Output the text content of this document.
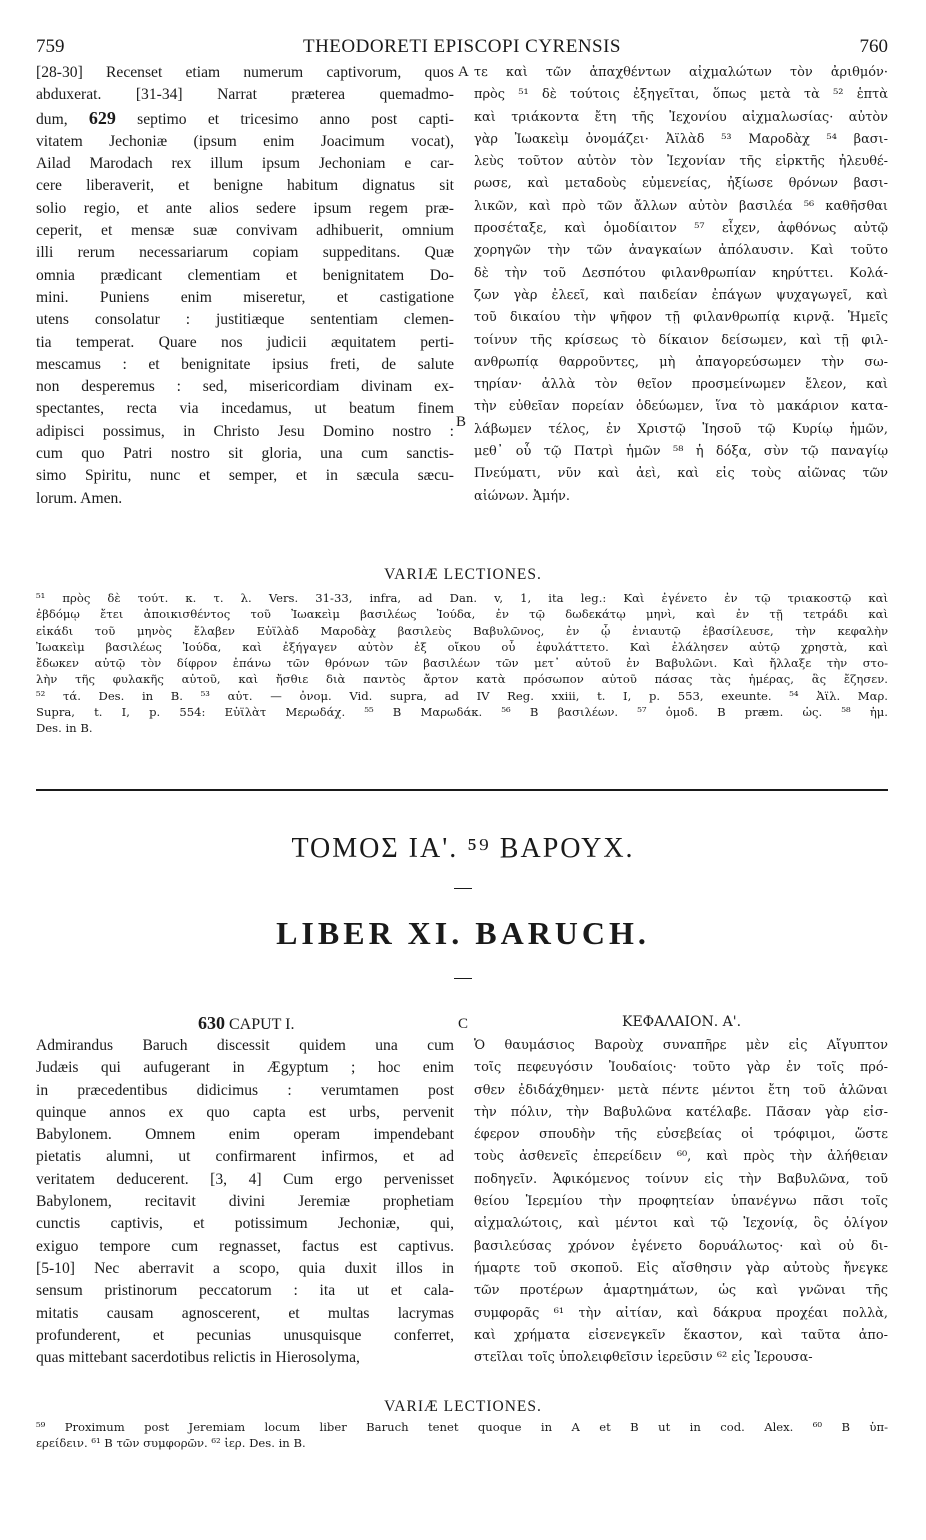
759	THEODORETI EPISCOPI CYRENSIS	760
[28-30] Recenset etiam numerum captivorum, quos
abduxerat. [31-34] Narrat præterea quemadmo-
dum, 629 septimo et tricesimo anno post capti-
vitatem Jechoniæ (ipsum enim Joacimum vocat),
Ailad Marodach rex illum ipsum Jechoniam e car-
cere liberaverit, et benigne habitum dignatus sit
solio regio, et ante alios sedere ipsum regem præ-
ceperit, et mensæ suæ convivam adhibuerit, omnium
illi rerum necessariarum copiam suppeditans. Quæ
omnia prædicant clementiam et benignitatem Do-
mini. Puniens enim miseretur, et castigatione
utens consolatur : justitiæque sententiam clemen-
tia temperat. Quare nos judicii æquitatem perti-
mescamus : et benignitate ipsius freti, de salute
non desperemus : sed, misericordiam divinam ex-
spectantes, recta via incedamus, ut beatum finem
adipisci possimus, in Christo Jesu Domino nostro :
cum quo Patri nostro sit gloria, una cum sanctis-
simo Spiritu, nunc et semper, et in sæcula sæcu-
lorum. Amen.
A
B
τε καὶ τῶν ἀπαχθέντων αἰχμαλώτων τὸν ἀριθμόν·
πρὸς ⁵¹ δὲ τούτοις ἐξηγεῖται, ὅπως μετὰ τὰ ⁵² ἑπτὰ
καὶ τριάκοντα ἔτη τῆς Ἰεχονίου αἰχμαλωσίας· αὐτὸν
γὰρ Ἰωακεὶμ ὀνομάζει· Ἀϊλὰδ ⁵³ Μαροδὰχ ⁵⁴ βασι-
λεὺς τοῦτον αὐτὸν τὸν Ἰεχονίαν τῆς εἱρκτῆς ἠλευθέ-
ρωσε, καὶ μεταδοὺς εὐμενείας, ἠξίωσε θρόνων βασι-
λικῶν, καὶ πρὸ τῶν ἄλλων αὐτὸν βασιλέα ⁵⁶ καθῆσθαι
προσέταξε, καὶ ὁμοδίαιτον ⁵⁷ εἶχεν, ἀφθόνως αὐτῷ
χορηγῶν τὴν τῶν ἀναγκαίων ἀπόλαυσιν. Καὶ τοῦτο
δὲ τὴν τοῦ Δεσπότου φιλανθρωπίαν κηρύττει. Κολά-
ζων γὰρ ἐλεεῖ, καὶ παιδείαν ἐπάγων ψυχαγωγεῖ, καὶ
τοῦ δικαίου τὴν ψῆφον τῇ φιλανθρωπίᾳ κιρνᾷ. Ἡμεῖς
τοίνυν τῆς κρίσεως τὸ δίκαιον δείσωμεν, καὶ τῇ φιλ-
ανθρωπίᾳ θαρροῦντες, μὴ ἀπαγορεύσωμεν τὴν σω-
τηρίαν· ἀλλὰ τὸν θεῖον προσμείνωμεν ἔλεον, καὶ
τὴν εὐθεῖαν πορείαν ὁδεύωμεν, ἵνα τὸ μακάριον κατα-
λάβωμεν τέλος, ἐν Χριστῷ Ἰησοῦ τῷ Κυρίῳ ἡμῶν,
μεθ᾽ οὗ τῷ Πατρὶ ἡμῶν ⁵⁸ ἡ δόξα, σὺν τῷ παναγίῳ
Πνεύματι, νῦν καὶ ἀεὶ, καὶ εἰς τοὺς αἰῶνας τῶν
αἰώνων. Ἀμήν.
VARIÆ LECTIONES.
⁵¹ πρὸς δὲ τούτ. κ. τ. λ. Vers. 31-33, infra, ad Dan. v, 1, ita leg.: Καὶ ἐγένετο ἐν τῷ τριακοστῷ καὶ
ἑβδόμῳ ἔτει ἀποικισθέντος τοῦ Ἰωακεὶμ βασιλέως Ἰούδα, ἐν τῷ δωδεκάτῳ μηνὶ, καὶ ἐν τῇ τετράδι καὶ
εἰκάδι τοῦ μηνὸς ἔλαβεν Εὐϊλὰδ Μαροδὰχ βασιλεὺς Βαβυλῶνος, ἐν ᾧ ἐνιαυτῷ ἐβασίλευσε, τὴν κεφαλὴν
Ἰωακεὶμ βασιλέως Ἰούδα, καὶ ἐξήγαγεν αὐτὸν ἐξ οἴκου οὗ ἐφυλάττετο. Καὶ ἐλάλησεν αὐτῷ χρηστὰ, καὶ
ἔδωκεν αὐτῷ τὸν δίφρον ἐπάνω τῶν θρόνων τῶν βασιλέων τῶν μετ᾽ αὐτοῦ ἐν Βαβυλῶνι. Καὶ ἤλλαξε τὴν στο-
λὴν τῆς φυλακῆς αὐτοῦ, καὶ ἤσθιε διὰ παντὸς ἄρτον κατὰ πρόσωπον αὐτοῦ πάσας τὰς ἡμέρας, ἃς ἔζησεν.
⁵² τά. Des. in B. ⁵³ αὐτ. — ὀνομ. Vid. supra, ad IV Reg. xxiii, t. I, p. 553, exeunte. ⁵⁴ Ἀϊλ. Μαρ.
Supra, t. I, p. 554: Εὐϊλὰτ Μερωδάχ. ⁵⁵ B Μαρωδάκ. ⁵⁶ B βασιλέων. ⁵⁷ ὁμοδ. B præm. ὡς. ⁵⁸ ἡμ.
Des. in B.
ΤΟΜΟΣ ΙΑ'. ⁵⁹ ΒΑΡΟΥΧ.
LIBER XI. BARUCH.
630 CAPUT I.	C	ΚΕΦΑΛΑΙΟΝ. Α'.
Admirandus Baruch discessit quidem una cum
Judæis qui aufugerant in Ægyptum ; hoc enim
in præcedentibus didicimus : verumtamen post
quinque annos ex quo capta est urbs, pervenit
Babylonem. Omnem enim operam impendebant
pietatis alumni, ut confirmarent infirmos, et ad
veritatem deducerent. [3, 4] Cum ergo pervenisset
Babylonem, recitavit divini Jeremiæ prophetiam
cunctis captivis, et potissimum Jechoniæ, qui,
exiguo tempore cum regnasset, factus est captivus.
[5-10] Nec aberravit a scopo, quia duxit illos in
sensum pristinorum peccatorum : ita ut et cala-
mitatis causam agnoscerent, et multas lacrymas
profunderent, et pecunias unusquisque conferret,
quas mittebant sacerdotibus relictis in Hierosolyma,
Ὁ θαυμάσιος Βαροὺχ συναπῆρε μὲν εἰς Αἴγυπτον
τοῖς πεφευγόσιν Ἰουδαίοις· τοῦτο γὰρ ἐν τοῖς πρό-
σθεν ἐδιδάχθημεν· μετὰ πέντε μέντοι ἔτη τοῦ ἁλῶναι
τὴν πόλιν, τὴν Βαβυλῶνα κατέλαβε. Πᾶσαν γὰρ εἰσ-
έφερον σπουδὴν τῆς εὐσεβείας οἱ τρόφιμοι, ὥστε
τοὺς ἀσθενεῖς ἐπερείδειν ⁶⁰, καὶ πρὸς τὴν ἀλήθειαν
ποδηγεῖν. Ἀφικόμενος τοίνυν εἰς τὴν Βαβυλῶνα, τοῦ
θείου Ἱερεμίου τὴν προφητείαν ὑπανέγνω πᾶσι τοῖς
αἰχμαλώτοις, καὶ μέντοι καὶ τῷ Ἰεχονίᾳ, ὃς ὀλίγον
βασιλεύσας χρόνον ἐγένετο δορυάλωτος· καὶ οὐ δι-
ήμαρτε τοῦ σκοποῦ. Εἰς αἴσθησιν γὰρ αὐτοὺς ἤνεγκε
τῶν προτέρων ἁμαρτημάτων, ὡς καὶ γνῶναι τῆς
συμφορᾶς ⁶¹ τὴν αἰτίαν, καὶ δάκρυα προχέαι πολλὰ,
καὶ χρήματα εἰσενεγκεῖν ἕκαστον, καὶ ταῦτα ἀπο-
στεῖλαι τοῖς ὑπολειφθεῖσιν ἱερεῦσιν ⁶² εἰς Ἱερουσα-
VARIÆ LECTIONES.
⁵⁹ Proximum post Jeremiam locum liber Baruch tenet quoque in A et B ut in cod. Alex. ⁶⁰ B ὑπ-
ερείδειν. ⁶¹ B τῶν συμφορῶν. ⁶² ἱερ. Des. in B.
